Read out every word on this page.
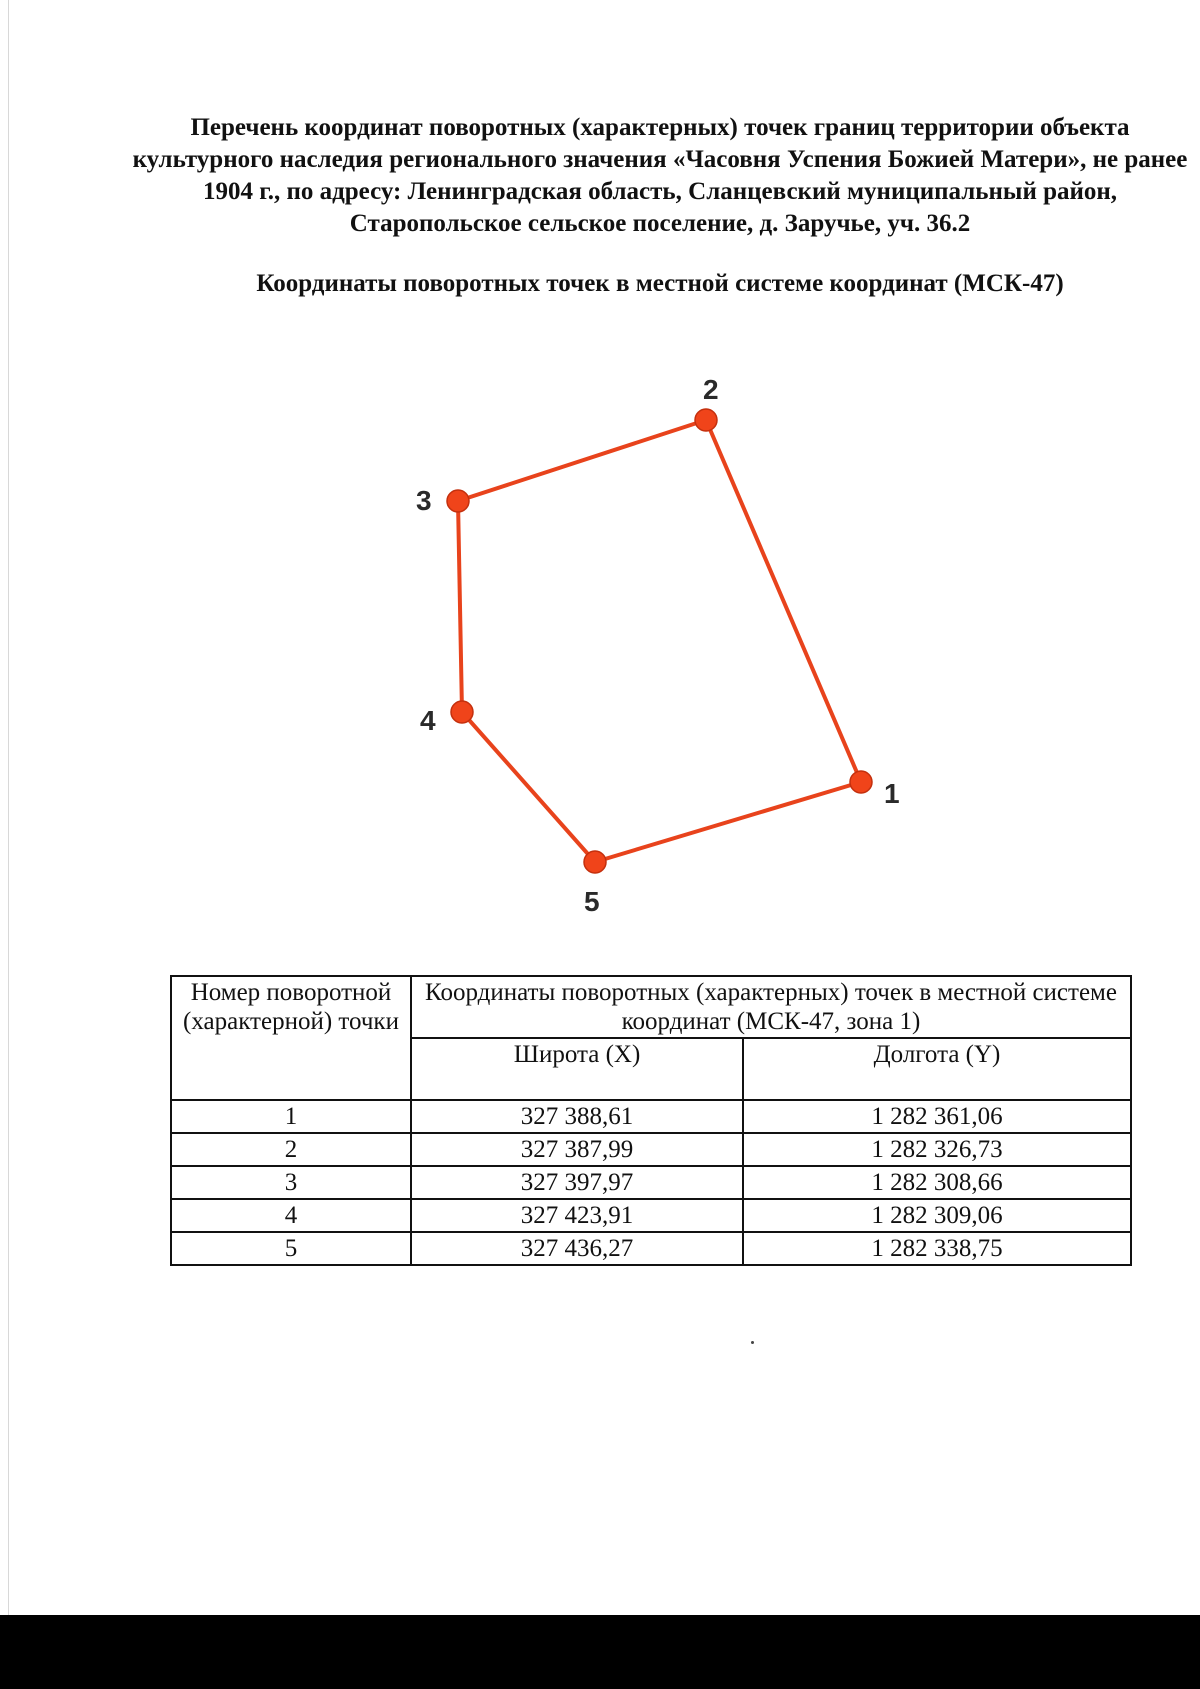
Перечень координат поворотных (характерных) точек границ территории объекта культурного наследия регионального значения «Часовня Успения Божией Матери», не ранее 1904 г., по адресу: Ленинградская область, Сланцевский муниципальный район, Старопольское сельское поселение, д. Заручье, уч. 36.2
Координаты поворотных точек в местной системе координат (МСК-47)
1
2
3
4
5
Номер поворотной (характерной) точки	Координаты поворотных (характерных) точек в местной системе координат (МСК-47, зона 1)	
	Широта (X)	Долгота (Y)
1	327 388,61	1 282 361,06
2	327 387,99	1 282 326,73
3	327 397,97	1 282 308,66
4	327 423,91	1 282 309,06
5	327 436,27	1 282 338,75
